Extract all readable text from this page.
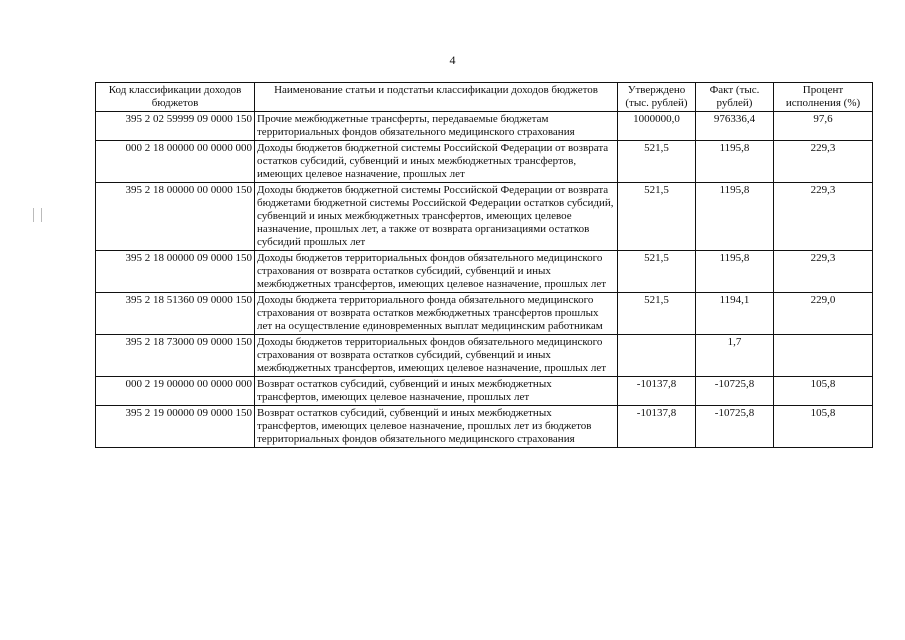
4
Код классификации доходов бюджетов	Наименование статьи и подстатьи классификации доходов бюджетов	Утверждено (тыс. рублей)	Факт (тыс. рублей)	Процент исполнения (%)
395 2 02 59999 09 0000 150	Прочие межбюджетные трансферты, передаваемые бюджетам территориальных фондов обязательного медицинского страхования	1000000,0	976336,4	97,6
000 2 18 00000 00 0000 000	Доходы бюджетов бюджетной системы Российской Федерации от возврата остатков субсидий, субвенций и иных межбюджетных трансфертов, имеющих целевое назначение, прошлых лет	521,5	1195,8	229,3
395 2 18 00000 00 0000 150	Доходы бюджетов бюджетной системы Российской Федерации от возврата бюджетами бюджетной системы Российской Федерации остатков субсидий, субвенций и иных межбюджетных трансфертов, имеющих целевое назначение, прошлых лет, а также от возврата организациями остатков субсидий прошлых лет	521,5	1195,8	229,3
395 2 18 00000 09 0000 150	Доходы бюджетов территориальных фондов обязательного медицинского страхования от возврата остатков субсидий, субвенций и иных межбюджетных трансфертов, имеющих целевое назначение, прошлых лет	521,5	1195,8	229,3
395 2 18 51360 09 0000 150	Доходы бюджета территориального фонда обязательного медицинского страхования от возврата остатков межбюджетных трансфертов прошлых лет на осуществление единовременных выплат медицинским работникам	521,5	1194,1	229,0
395 2 18 73000 09 0000 150	Доходы бюджетов территориальных фондов обязательного медицинского страхования от возврата остатков субсидий, субвенций и иных межбюджетных трансфертов, имеющих целевое назначение, прошлых лет		1,7	
000 2 19 00000 00 0000 000	Возврат остатков субсидий, субвенций и иных межбюджетных трансфертов, имеющих целевое назначение, прошлых лет	-10137,8	-10725,8	105,8
395 2 19 00000 09 0000 150	Возврат остатков субсидий, субвенций и иных межбюджетных трансфертов, имеющих целевое назначение, прошлых лет из бюджетов территориальных фондов обязательного медицинского страхования	-10137,8	-10725,8	105,8
